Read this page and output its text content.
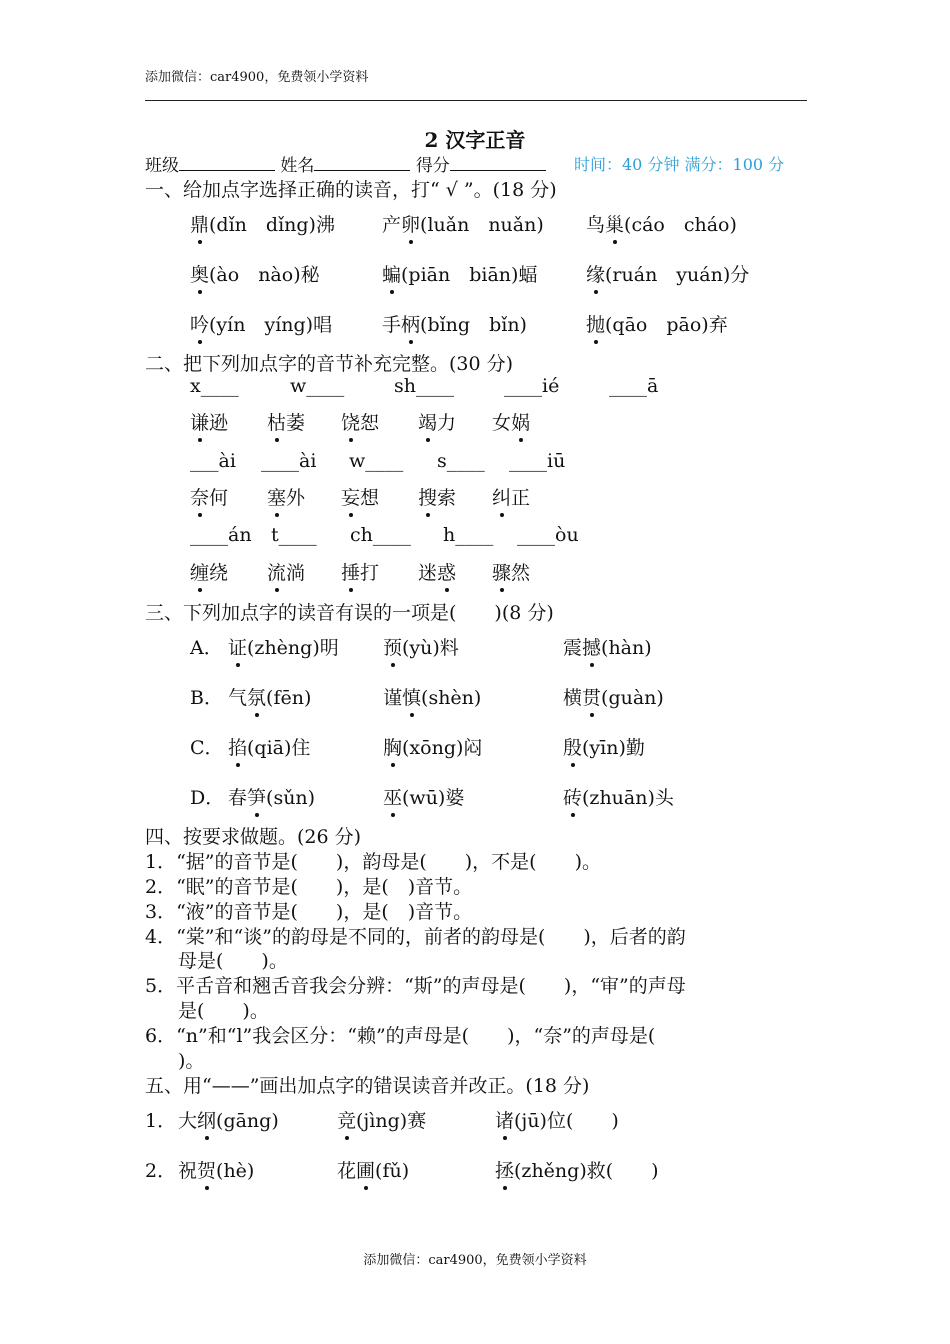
添加微信：car4900，免费领小学资料
2 汉字正音
班级	姓名	得分	时间：40 分钟 满分：100 分
一、给加点字选择正确的读音，打“ √ ”。(18 分)
鼎(dǐn　dǐng)沸 产卵(luǎn　nuǎn) 鸟巢(cáo　cháo)
奥(ào　nào)秘	蝙(piān　biān)蝠	缘(ruán　yuán)分
吟(yín　yíng)唱	手柄(bǐng　bǐn)	抛(qāo　pāo)弃
二、把下列加点字的音节补充完整。(30 分)
x____	w____	sh____	____ié	____ā
谦逊 枯萎 饶恕 竭力 女娲
___ài ____ài w____ s____ ____iū
奈何 塞外 妄想 搜索 纠正
____án t____ ch____ h____ ____òu
缠绕 流淌 捶打 迷惑 骤然
三、下列加点字的读音有误的一项是(　　)(8 分)
A． 证(zhèng)明 预(yù)料	震撼(hàn)
B． 气氛(fēn)	谨慎(shèn)	横贯(guàn)
C． 掐(qiā)住	胸(xōng)闷	殷(yīn)勤
D． 春笋(sǔn)	巫(wū)婆	砖(zhuān)头
四、按要求做题。(26 分)
1．“据”的音节是(　　)，韵母是(　　)，不是(　　)。
2．“眠”的音节是(　　)，是(　)音节。
3．“液”的音节是(　　)，是(　)音节。
4．“棠”和“谈”的韵母是不同的，前者的韵母是(　　)，后者的韵
母是(　　)。
5．平舌音和翘舌音我会分辨：“斯”的声母是(　　)，“审”的声母
是(　　)。
6．“n”和“l”我会区分：“赖”的声母是(　　)，“奈”的声母是(
)。
五、用“——”画出加点字的错误读音并改正。(18 分)
1． 大纲(gāng)	竞(jìng)赛	诸(jū)位(　　)
2． 祝贺(hè)	花圃(fǔ)	拯(zhěng)救(　　)
添加微信：car4900，免费领小学资料
